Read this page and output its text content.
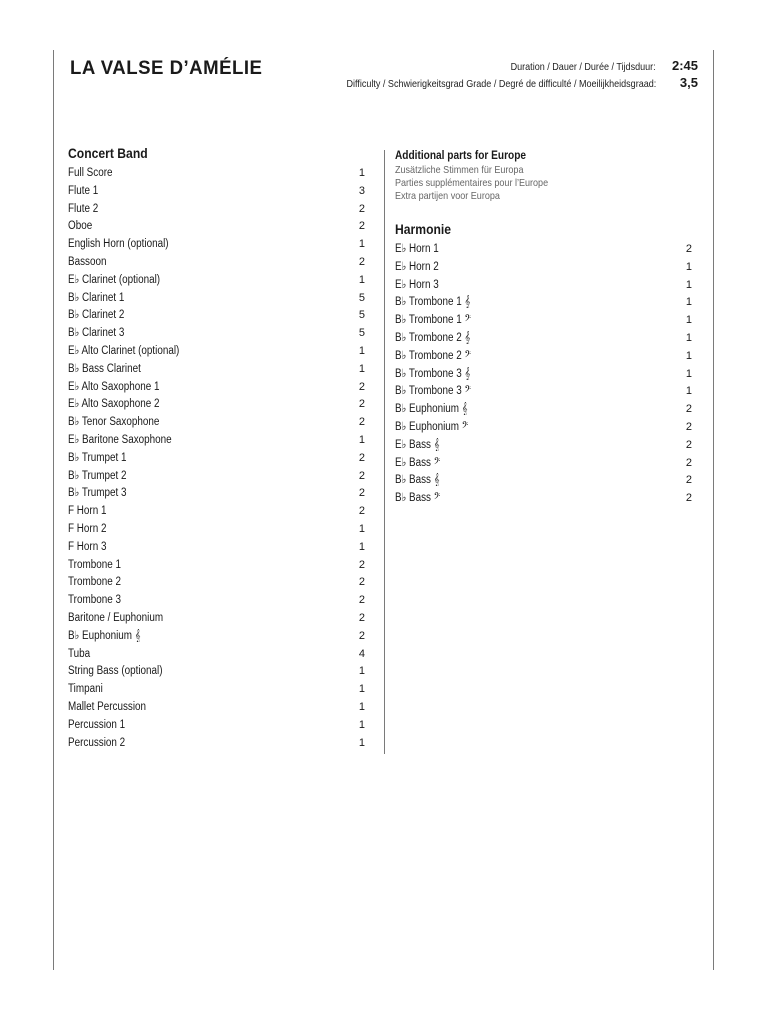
LA VALSE D’AMÉLIE	Duration / Dauer / Durée / Tijdsduur: 2:45
Difficulty / Schwierigkeitsgrad Grade / Degré de difficulté / Moeilijkheidsgraad: 3,5
Concert Band
Full Score	1
Flute 1	3
Flute 2	2
Oboe	2
English Horn (optional)	1
Bassoon	2
E♭ Clarinet (optional)	1
B♭ Clarinet 1	5
B♭ Clarinet 2	5
B♭ Clarinet 3	5
E♭ Alto Clarinet (optional)	1
B♭ Bass Clarinet	1
E♭ Alto Saxophone 1	2
E♭ Alto Saxophone 2	2
B♭ Tenor Saxophone	2
E♭ Baritone Saxophone	1
B♭ Trumpet 1	2
B♭ Trumpet 2	2
B♭ Trumpet 3	2
F Horn 1	2
F Horn 2	1
F Horn 3	1
Trombone 1	2
Trombone 2	2
Trombone 3	2
Baritone / Euphonium	2
B♭ Euphonium 𝄞	2
Tuba	4
String Bass (optional)	1
Timpani	1
Mallet Percussion	1
Percussion 1	1
Percussion 2	1
Additional parts for Europe
Zusätzliche Stimmen für Europa
Parties supplémentaires pour l’Europe
Extra partijen voor Europa
Harmonie
E♭ Horn 1	2
E♭ Horn 2	1
E♭ Horn 3	1
B♭ Trombone 1 𝄞	1
B♭ Trombone 1 𝄢	1
B♭ Trombone 2 𝄞	1
B♭ Trombone 2 𝄢	1
B♭ Trombone 3 𝄞	1
B♭ Trombone 3 𝄢	1
B♭ Euphonium 𝄞	2
B♭ Euphonium 𝄢	2
E♭ Bass 𝄞	2
E♭ Bass 𝄢	2
B♭ Bass 𝄞	2
B♭ Bass 𝄢	2
